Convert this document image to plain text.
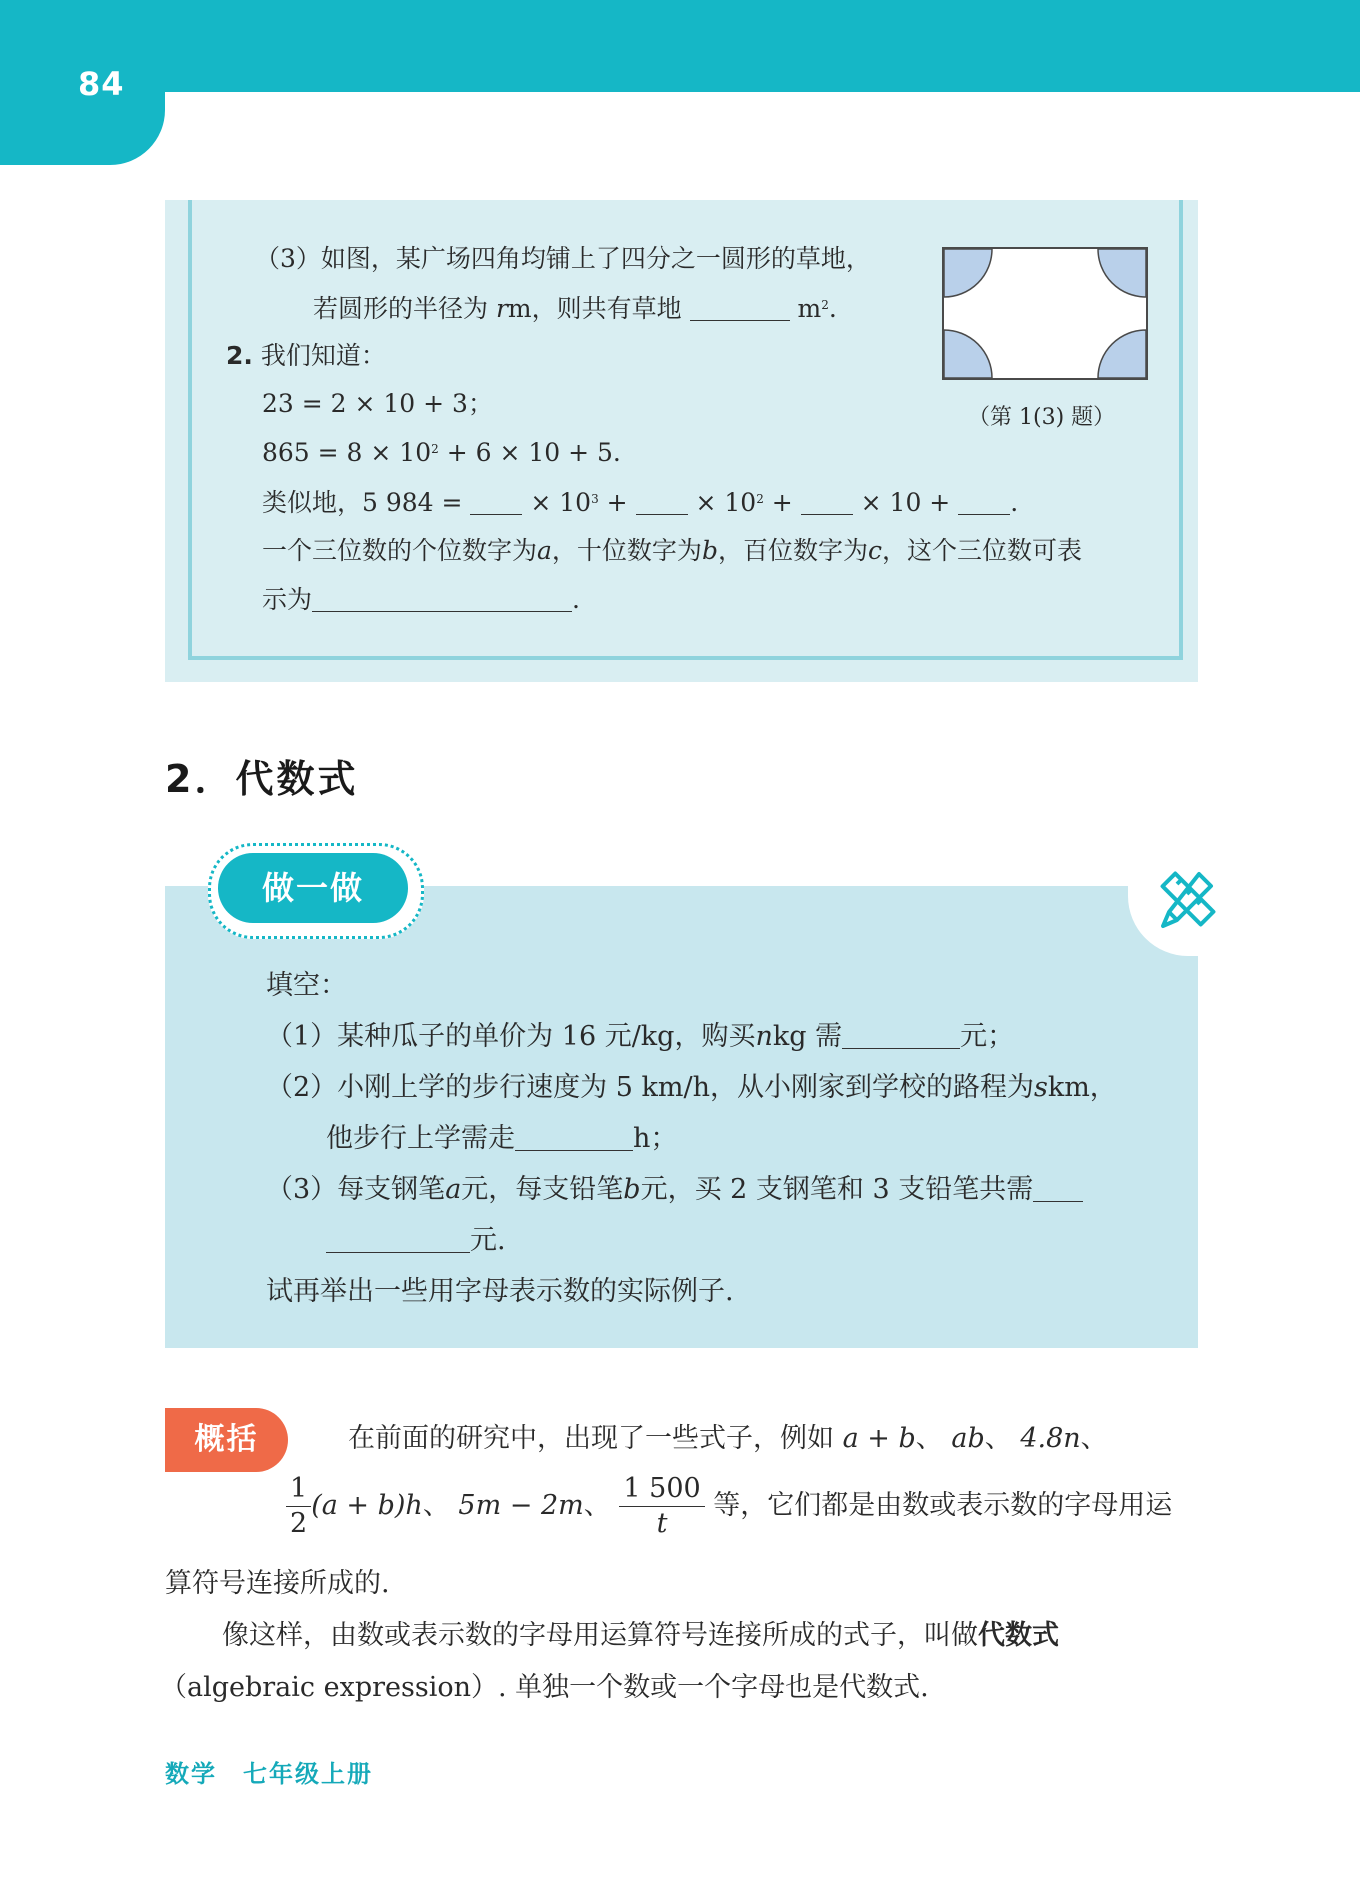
84
（3）如图，某广场四角均铺上了四分之一圆形的草地，
若圆形的半径为 rm，则共有草地	$m^2$.
（第 1(3) 题）
2. 我们知道：
23 = 2 × 10 + 3；
$865 = 8 \times 10^2 + 6 \times 10 + 5$.
类似地，5 984 =  × $10^3$ +  × $10^2$ +  × 10 + .
一个三位数的个位数字为a，十位数字为b，百位数字为c，这个三位数可表
示为	.
2．代数式
做一做
填空：
（1）某种瓜子的单价为 16 元/kg，购买nkg 需	元；
（2）小刚上学的步行速度为 5 km/h，从小刚家到学校的路程为skm，
他步行上学需走	h；
（3）每支钢笔a元，每支铅笔b元，买 2 支钢笔和 3 支铅笔共需
元.
试再举出一些用字母表示数的实际例子.
概括	在前面的研究中，出现了一些式子，例如 a + b、 ab、 4.8n、
$\frac{1}{2} (a + b)h$、 5m − 2m、 $\frac{1 500}{t}$ 等，它们都是由数或表示数的字母用运
算符号连接所成的.
像这样，由数或表示数的字母用运算符号连接所成的式子，叫做代数式
（algebraic expression）. 单独一个数或一个字母也是代数式.
数学　七年级上册
